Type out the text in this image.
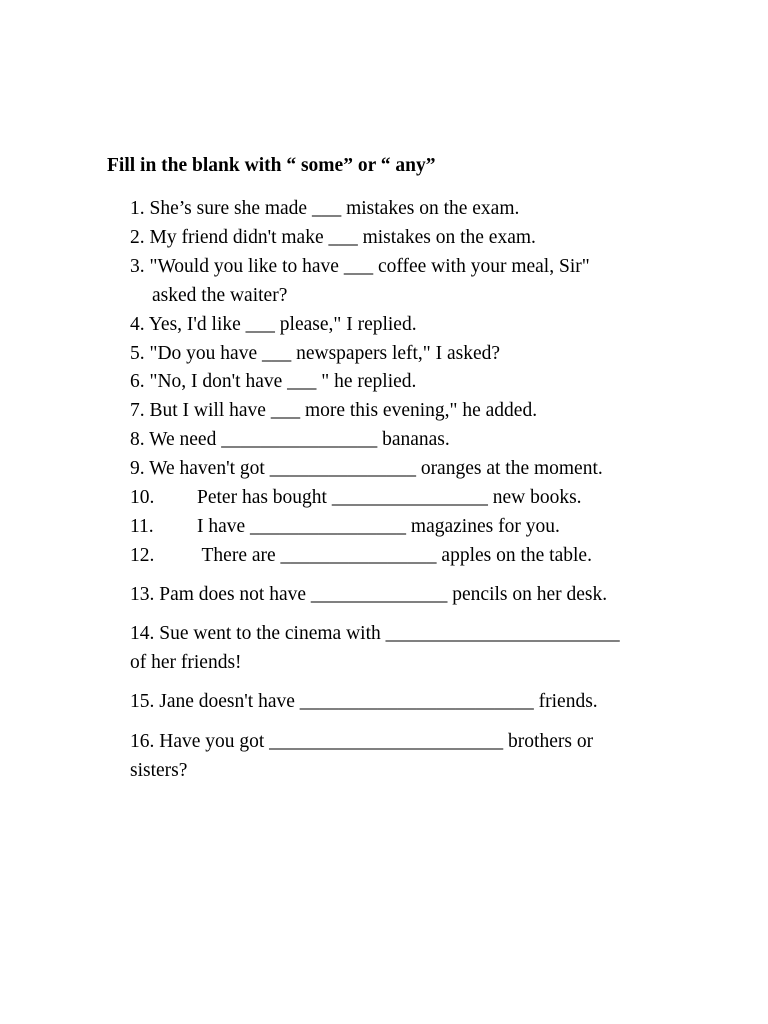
Fill in the blank with “ some” or “ any”
1. She’s sure she made ___ mistakes on the exam.
2. My friend didn't make ___ mistakes on the exam.
3. "Would you like to have ___ coffee with your meal, Sir"
asked the waiter?
4. Yes, I'd like ___ please," I replied.
5. "Do you have ___ newspapers left," I asked?
6. "No, I don't have ___ " he replied.
7. But I will have ___ more this evening," he added.
8. We need ________________ bananas.
9. We haven't got _______________ oranges at the moment.
10. Peter has bought ________________ new books.
11. I have ________________ magazines for you.
12. There are ________________ apples on the table.
13. Pam does not have ______________ pencils on her desk.
14. Sue went to the cinema with ________________________
of her friends!
15. Jane doesn't have ________________________ friends.
16. Have you got ________________________ brothers or
sisters?
